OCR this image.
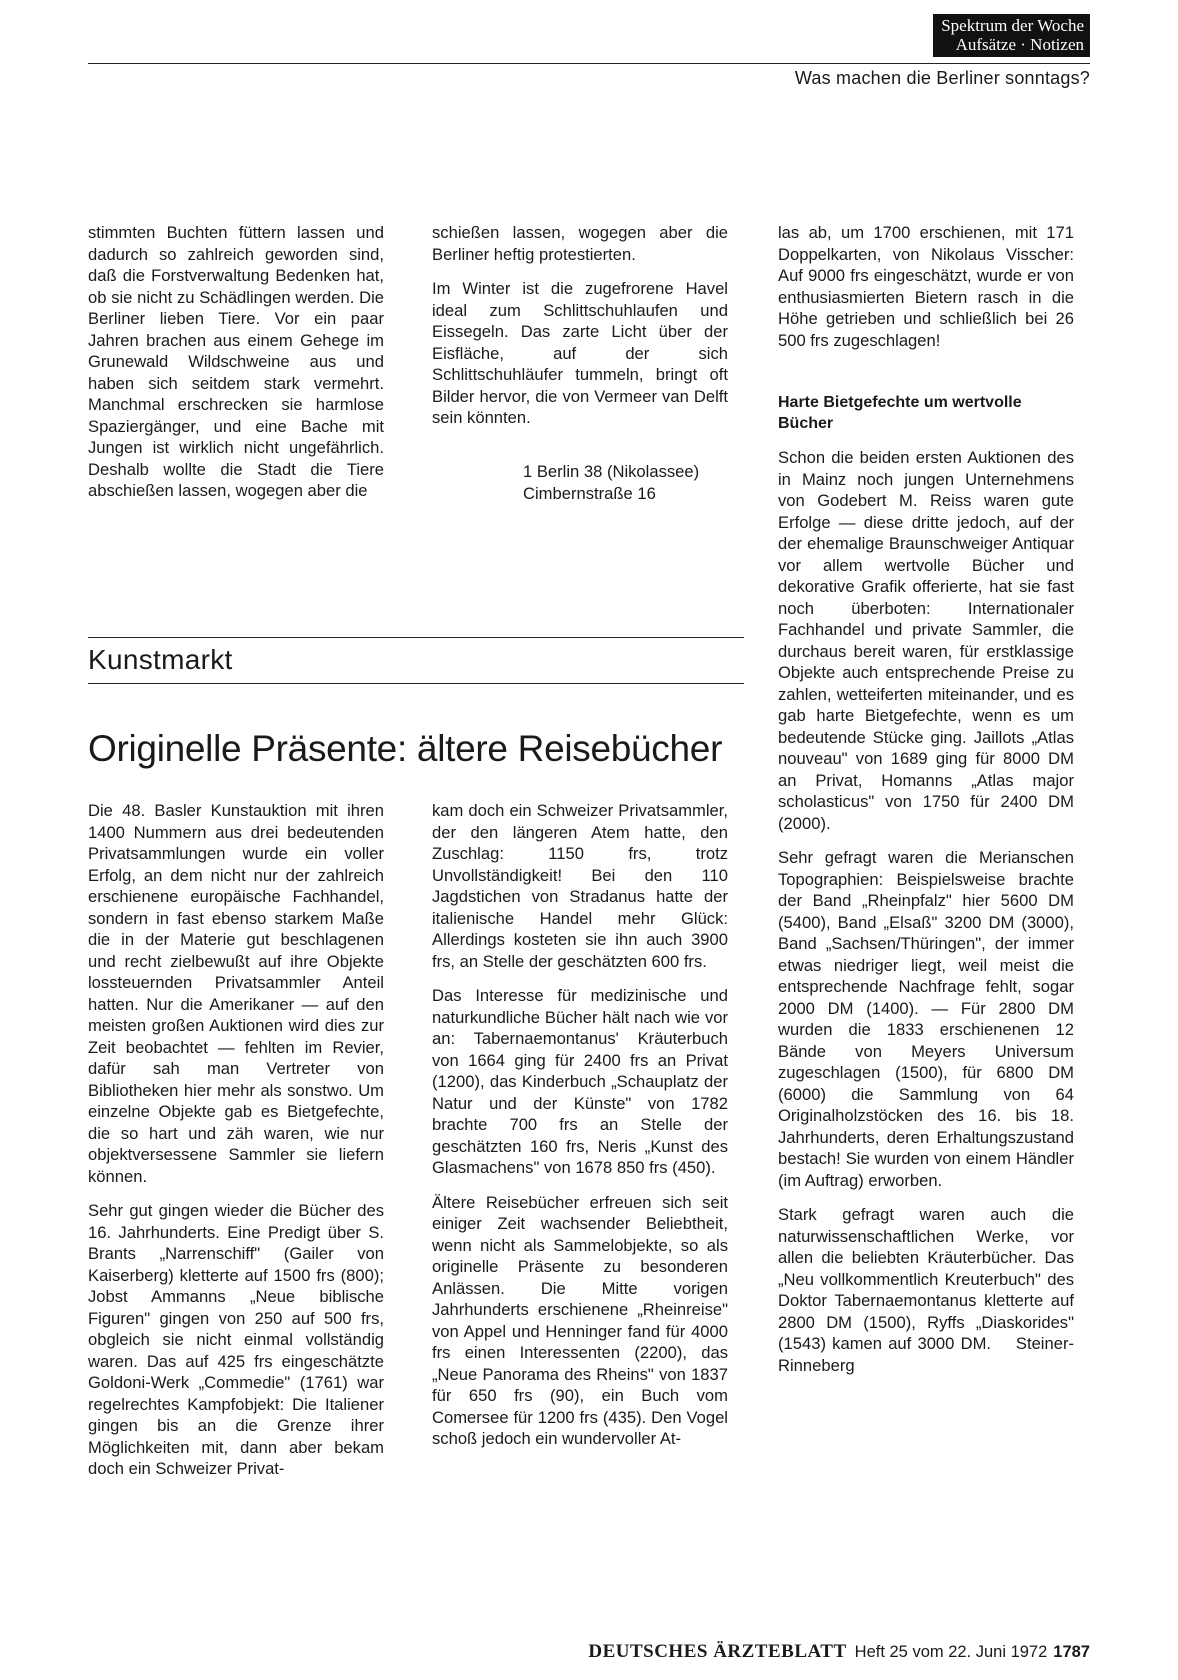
Spektrum der Woche
Aufsätze · Notizen
Was machen die Berliner sonntags?

stimmten Buchten füttern lassen und dadurch so zahlreich geworden sind, daß die Forstverwaltung Bedenken hat, ob sie nicht zu Schädlingen werden. Die Berliner lieben Tiere. Vor ein paar Jahren brachen aus einem Gehege im Grunewald Wildschweine aus und haben sich seitdem stark vermehrt. Manchmal erschrecken sie harmlose Spaziergänger, und eine Bache mit Jungen ist wirklich nicht ungefährlich. Deshalb wollte die Stadt die Tiere abschießen lassen, wogegen aber die

schießen lassen, wogegen aber die Berliner heftig protestierten.

Im Winter ist die zugefrorene Havel ideal zum Schlittschuhlaufen und Eissegeln. Das zarte Licht über der Eisfläche, auf der sich Schlittschuhläufer tummeln, bringt oft Bilder hervor, die von Vermeer van Delft sein könnten.

1 Berlin 38 (Nikolassee)
Cimbernstraße 16

las ab, um 1700 erschienen, mit 171 Doppelkarten, von Nikolaus Visscher: Auf 9000 frs eingeschätzt, wurde er von enthusiasmierten Bietern rasch in die Höhe getrieben und schließlich bei 26 500 frs zugeschlagen!

Harte Bietgefechte um wertvolle Bücher

Schon die beiden ersten Auktionen des in Mainz noch jungen Unternehmens von Godebert M. Reiss waren gute Erfolge — diese dritte jedoch, auf der der ehemalige Braunschweiger Antiquar vor allem wertvolle Bücher und dekorative Grafik offerierte, hat sie fast noch überboten: Internationaler Fachhandel und private Sammler, die durchaus bereit waren, für erstklassige Objekte auch entsprechende Preise zu zahlen, wetteiferten miteinander, und es gab harte Bietgefechte, wenn es um bedeutende Stücke ging. Jaillots „Atlas nouveau" von 1689 ging für 8000 DM an Privat, Homanns „Atlas major scholasticus" von 1750 für 2400 DM (2000).

Sehr gefragt waren die Merianschen Topographien: Beispielsweise brachte der Band „Rheinpfalz" hier 5600 DM (5400), Band „Elsaß" 3200 DM (3000), Band „Sachsen/Thüringen", der immer etwas niedriger liegt, weil meist die entsprechende Nachfrage fehlt, sogar 2000 DM (1400). — Für 2800 DM wurden die 1833 erschienenen 12 Bände von Meyers Universum zugeschlagen (1500), für 6800 DM (6000) die Sammlung von 64 Originalholzstöcken des 16. bis 18. Jahrhunderts, deren Erhaltungszustand bestach! Sie wurden von einem Händler (im Auftrag) erworben.

Stark gefragt waren auch die naturwissenschaftlichen Werke, vor allen die beliebten Kräuterbücher. Das „Neu vollkommentlich Kreuterbuch" des Doktor Tabernaemontanus kletterte auf 2800 DM (1500), Ryffs „Diaskorides" (1543) kamen auf 3000 DM. Steiner-Rinneberg

Kunstmarkt
Originelle Präsente: ältere Reisebücher

Die 48. Basler Kunstauktion mit ihren 1400 Nummern aus drei bedeutenden Privatsammlungen wurde ein voller Erfolg, an dem nicht nur der zahlreich erschienene europäische Fachhandel, sondern in fast ebenso starkem Maße die in der Materie gut beschlagenen und recht zielbewußt auf ihre Objekte lossteuernden Privatsammler Anteil hatten. Nur die Amerikaner — auf den meisten großen Auktionen wird dies zur Zeit beobachtet — fehlten im Revier, dafür sah man Vertreter von Bibliotheken hier mehr als sonstwo. Um einzelne Objekte gab es Bietgefechte, die so hart und zäh waren, wie nur objektversessene Sammler sie liefern können.

Sehr gut gingen wieder die Bücher des 16. Jahrhunderts. Eine Predigt über S. Brants „Narrenschiff" (Gailer von Kaiserberg) kletterte auf 1500 frs (800); Jobst Ammanns „Neue biblische Figuren" gingen von 250 auf 500 frs, obgleich sie nicht einmal vollständig waren. Das auf 425 frs eingeschätzte Goldoni-Werk „Commedie" (1761) war regelrechtes Kampfobjekt: Die Italiener gingen bis an die Grenze ihrer Möglichkeiten mit, dann aber bekam doch ein Schweizer Privat-

kam doch ein Schweizer Privatsammler, der den längeren Atem hatte, den Zuschlag: 1150 frs, trotz Unvollständigkeit! Bei den 110 Jagdstichen von Stradanus hatte der italienische Handel mehr Glück: Allerdings kosteten sie ihn auch 3900 frs, an Stelle der geschätzten 600 frs.

Das Interesse für medizinische und naturkundliche Bücher hält nach wie vor an: Tabernaemontanus' Kräuterbuch von 1664 ging für 2400 frs an Privat (1200), das Kinderbuch „Schauplatz der Natur und der Künste" von 1782 brachte 700 frs an Stelle der geschätzten 160 frs, Neris „Kunst des Glasmachens" von 1678 850 frs (450).

Ältere Reisebücher erfreuen sich seit einiger Zeit wachsender Beliebtheit, wenn nicht als Sammelobjekte, so als originelle Präsente zu besonderen Anlässen. Die Mitte vorigen Jahrhunderts erschienene „Rheinreise" von Appel und Henninger fand für 4000 frs einen Interessenten (2200), das „Neue Panorama des Rheins" von 1837 für 650 frs (90), ein Buch vom Comersee für 1200 frs (435). Den Vogel schoß jedoch ein wundervoller At-

DEUTSCHES ÄRZTEBLATT Heft 25 vom 22. Juni 1972 1787
